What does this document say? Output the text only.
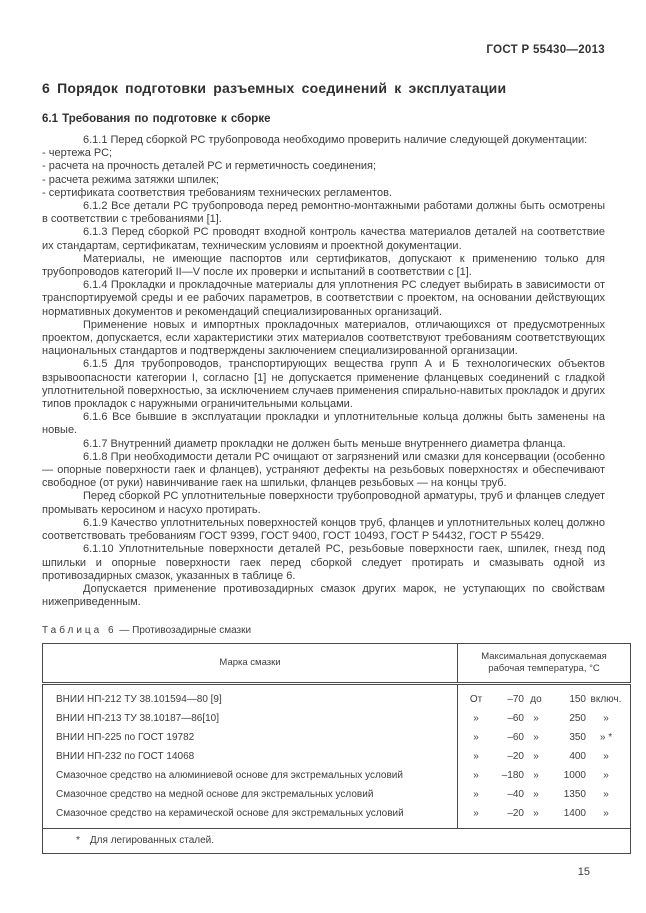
ГОСТ Р 55430—2013
6 Порядок подготовки разъемных соединений к эксплуатации
6.1 Требования по подготовке к сборке

6.1.1 Перед сборкой РС трубопровода необходимо проверить наличие следующей документации:

- чертежа РС;

- расчета на прочность деталей РС и герметичность соединения;

- расчета режима затяжки шпилек;

- сертификата соответствия требованиям технических регламентов.

6.1.2 Все детали РС трубопровода перед ремонтно-монтажными работами должны быть осмотрены в соответствии с требованиями [1].

6.1.3 Перед сборкой РС проводят входной контроль качества материалов деталей на соответствие их стандартам, сертификатам, техническим условиям и проектной документации.

Материалы, не имеющие паспортов или сертификатов, допускают к применению только для трубопроводов категорий II—V после их проверки и испытаний в соответствии с [1].

6.1.4 Прокладки и прокладочные материалы для уплотнения РС следует выбирать в зависимости от транспортируемой среды и ее рабочих параметров, в соответствии с проектом, на основании действующих нормативных документов и рекомендаций специализированных организаций.

Применение новых и импортных прокладочных материалов, отличающихся от предусмотренных проектом, допускается, если характеристики этих материалов соответствуют требованиям соответствующих национальных стандартов и подтверждены заключением специализированной организации.

6.1.5 Для трубопроводов, транспортирующих вещества групп А и Б технологических объектов взрывоопасности категории I, согласно [1] не допускается применение фланцевых соединений с гладкой уплотнительной поверхностью, за исключением случаев применения спирально-навитых прокладок и других типов прокладок с наружными ограничительными кольцами.

6.1.6 Все бывшие в эксплуатации прокладки и уплотнительные кольца должны быть заменены на новые.

6.1.7 Внутренний диаметр прокладки не должен быть меньше внутреннего диаметра фланца.

6.1.8 При необходимости детали РС очищают от загрязнений или смазки для консервации (особенно — опорные поверхности гаек и фланцев), устраняют дефекты на резьбовых поверхностях и обеспечивают свободное (от руки) навинчивание гаек на шпильки, фланцев резьбовых — на концы труб.

Перед сборкой РС уплотнительные поверхности трубопроводной арматуры, труб и фланцев следует промывать керосином и насухо протирать.

6.1.9 Качество уплотнительных поверхностей концов труб, фланцев и уплотнительных колец должно соответствовать требованиям ГОСТ 9399, ГОСТ 9400, ГОСТ 10493, ГОСТ Р 54432, ГОСТ Р 55429.

6.1.10 Уплотнительные поверхности деталей РС, резьбовые поверхности гаек, шпилек, гнезд под шпильки и опорные поверхности гаек перед сборкой следует протирать и смазывать одной из противозадирных смазок, указанных в таблице 6.

Допускается применение противозадирных смазок других марок, не уступающих по свойствам нижеприведенным.

Таблица 6 — Противозадирные смазки
Марка смазки	Максимальная допускаемая рабочая температура, °С
ВНИИ НП-212 ТУ 38.101594—80 [9]	От –70 до 150 включ.

ВНИИ НП-213 ТУ 38.10187—86[10]	» –60 » 250 »

ВНИИ НП-225 по ГОСТ 19782	» –60 » 350 » *

ВНИИ НП-232 по ГОСТ 14068	» –20 » 400 »

Смазочное средство на алюминиевой основе для экстремальных условий	» –180 » 1000 »

Смазочное средство на медной основе для экстремальных условий	» –40 » 1350 »

Смазочное средство на керамической основе для экстремальных условий	» –20 » 1400 »

* Для легированных сталей.	
15
